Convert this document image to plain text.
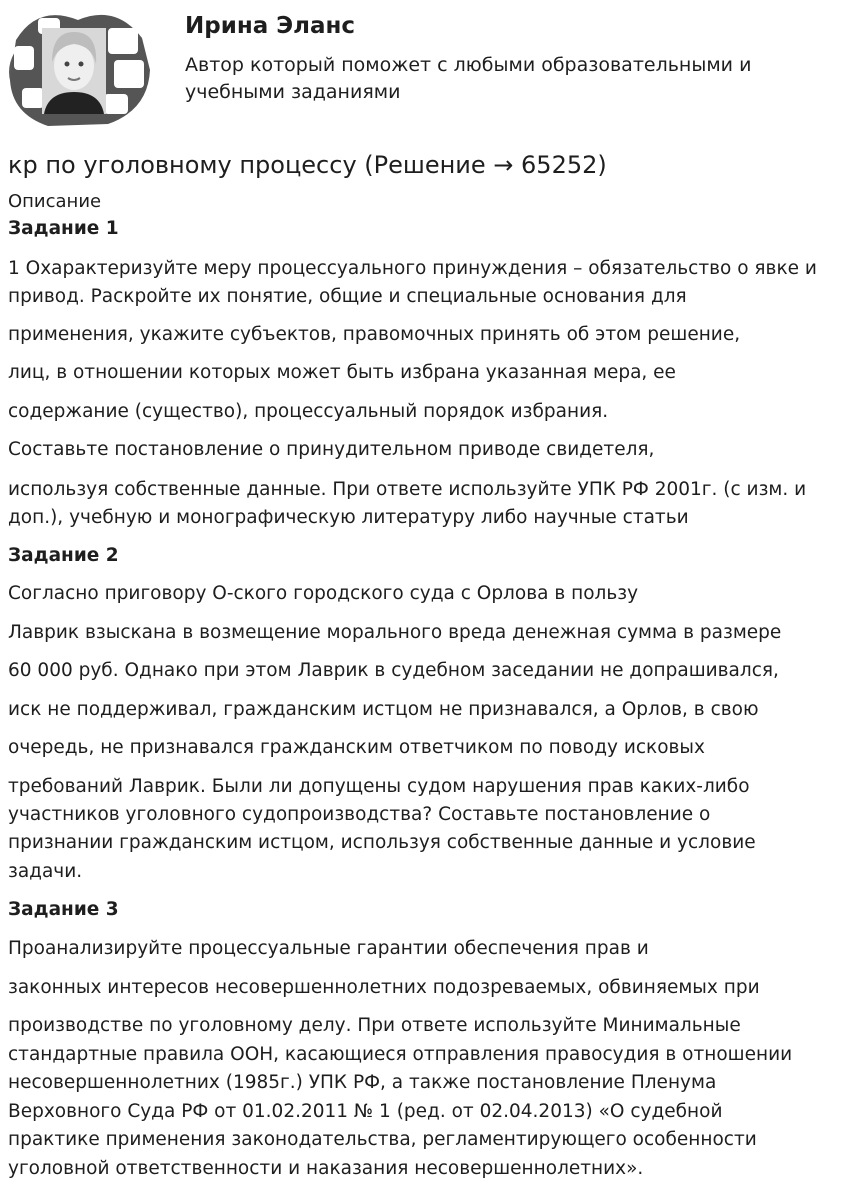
Ирина Эланс
Автор который поможет с любыми образовательными и
учебными заданиями
кр по уголовному процессу (Решение → 65252)
Описание
Задание 1
1 Охарактеризуйте меру процессуального принуждения – обязательство о явке и
привод. Раскройте их понятие, общие и специальные основания для
применения, укажите субъектов, правомочных принять об этом решение,
лиц, в отношении которых может быть избрана указанная мера, ее
содержание (существо), процессуальный порядок избрания.
Составьте постановление о принудительном приводе свидетеля,
используя собственные данные. При ответе используйте УПК РФ 2001г. (с изм. и
доп.), учебную и монографическую литературу либо научные статьи
Задание 2
Согласно приговору О-ского городского суда с Орлова в пользу
Лаврик взыскана в возмещение морального вреда денежная сумма в размере
60 000 руб. Однако при этом Лаврик в судебном заседании не допрашивался,
иск не поддерживал, гражданским истцом не признавался, а Орлов, в свою
очередь, не признавался гражданским ответчиком по поводу исковых
требований Лаврик. Были ли допущены судом нарушения прав каких-либо
участников уголовного судопроизводства? Составьте постановление о
признании гражданским истцом, используя собственные данные и условие
задачи.
Задание 3
Проанализируйте процессуальные гарантии обеспечения прав и
законных интересов несовершеннолетних подозреваемых, обвиняемых при
производстве по уголовному делу. При ответе используйте Минимальные
стандартные правила ООН, касающиеся отправления правосудия в отношении
несовершеннолетних (1985г.) УПК РФ, а также постановление Пленума
Верховного Суда РФ от 01.02.2011 № 1 (ред. от 02.04.2013) «О судебной
практике применения законодательства, регламентирующего особенности
уголовной ответственности и наказания несовершеннолетних».
